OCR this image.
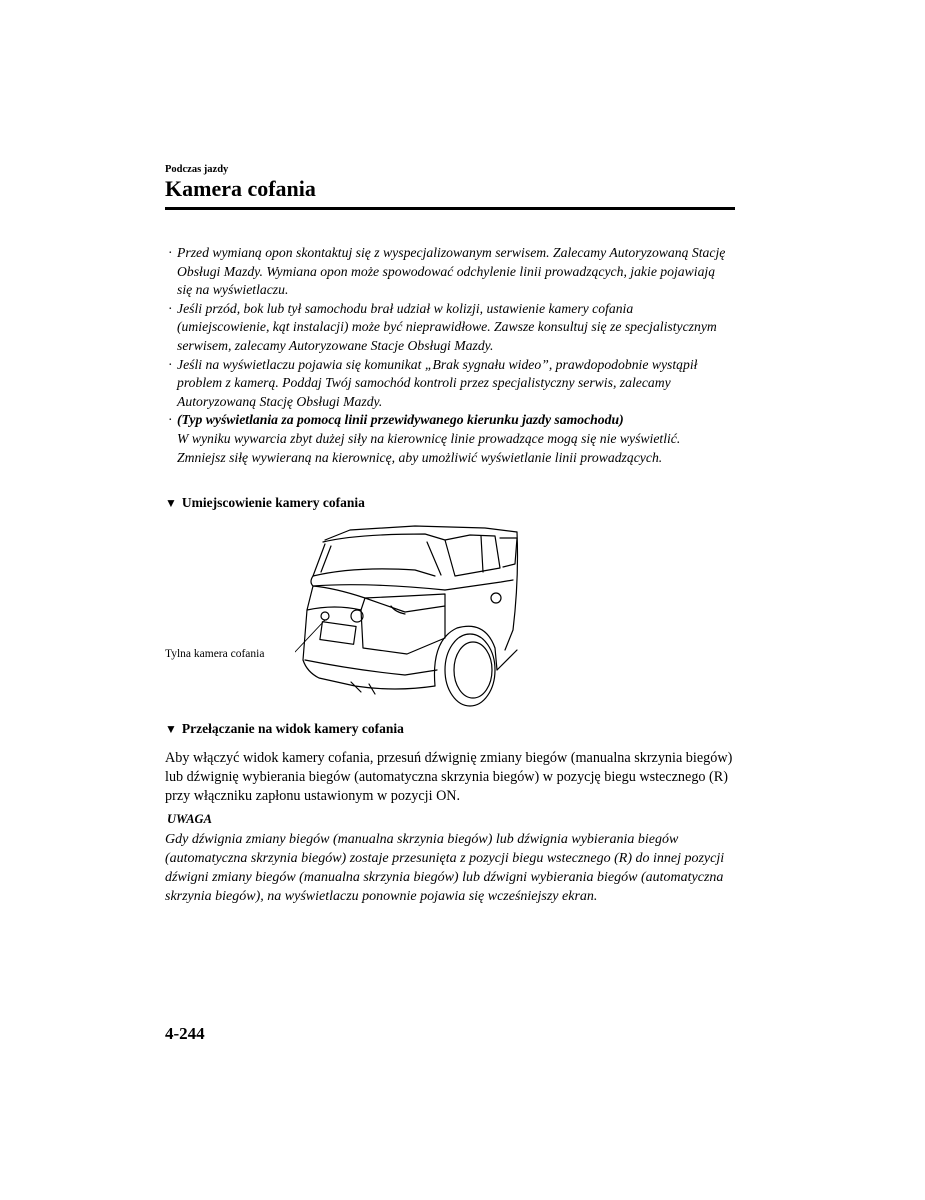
Podczas jazdy
Kamera cofania
· Przed wymianą opon skontaktuj się z wyspecjalizowanym serwisem. Zalecamy Autoryzowaną Stację Obsługi Mazdy. Wymiana opon może spowodować odchylenie linii prowadzących, jakie pojawiają się na wyświetlaczu.
· Jeśli przód, bok lub tył samochodu brał udział w kolizji, ustawienie kamery cofania (umiejscowienie, kąt instalacji) może być nieprawidłowe. Zawsze konsultuj się ze specjalistycznym serwisem, zalecamy Autoryzowane Stacje Obsługi Mazdy.
· Jeśli na wyświetlaczu pojawia się komunikat „Brak sygnału wideo”, prawdopodobnie wystąpił problem z kamerą. Poddaj Twój samochód kontroli przez specjalistyczny serwis, zalecamy Autoryzowaną Stację Obsługi Mazdy.
· (Typ wyświetlania za pomocą linii przewidywanego kierunku jazdy samochodu)
W wyniku wywarcia zbyt dużej siły na kierownicę linie prowadzące mogą się nie wyświetlić. Zmniejsz siłę wywieraną na kierownicę, aby umożliwić wyświetlanie linii prowadzących.
▼ Umiejscowienie kamery cofania
Tylna kamera cofania
▼ Przełączanie na widok kamery cofania

Aby włączyć widok kamery cofania, przesuń dźwignię zmiany biegów (manualna skrzynia biegów) lub dźwignię wybierania biegów (automatyczna skrzynia biegów) w pozycję biegu wstecznego (R) przy włączniku zapłonu ustawionym w pozycji ON.

UWAGA

Gdy dźwignia zmiany biegów (manualna skrzynia biegów) lub dźwignia wybierania biegów (automatyczna skrzynia biegów) zostaje przesunięta z pozycji biegu wstecznego (R) do innej pozycji dźwigni zmiany biegów (manualna skrzynia biegów) lub dźwigni wybierania biegów (automatyczna skrzynia biegów), na wyświetlaczu ponownie pojawia się wcześniejszy ekran.

4-244
